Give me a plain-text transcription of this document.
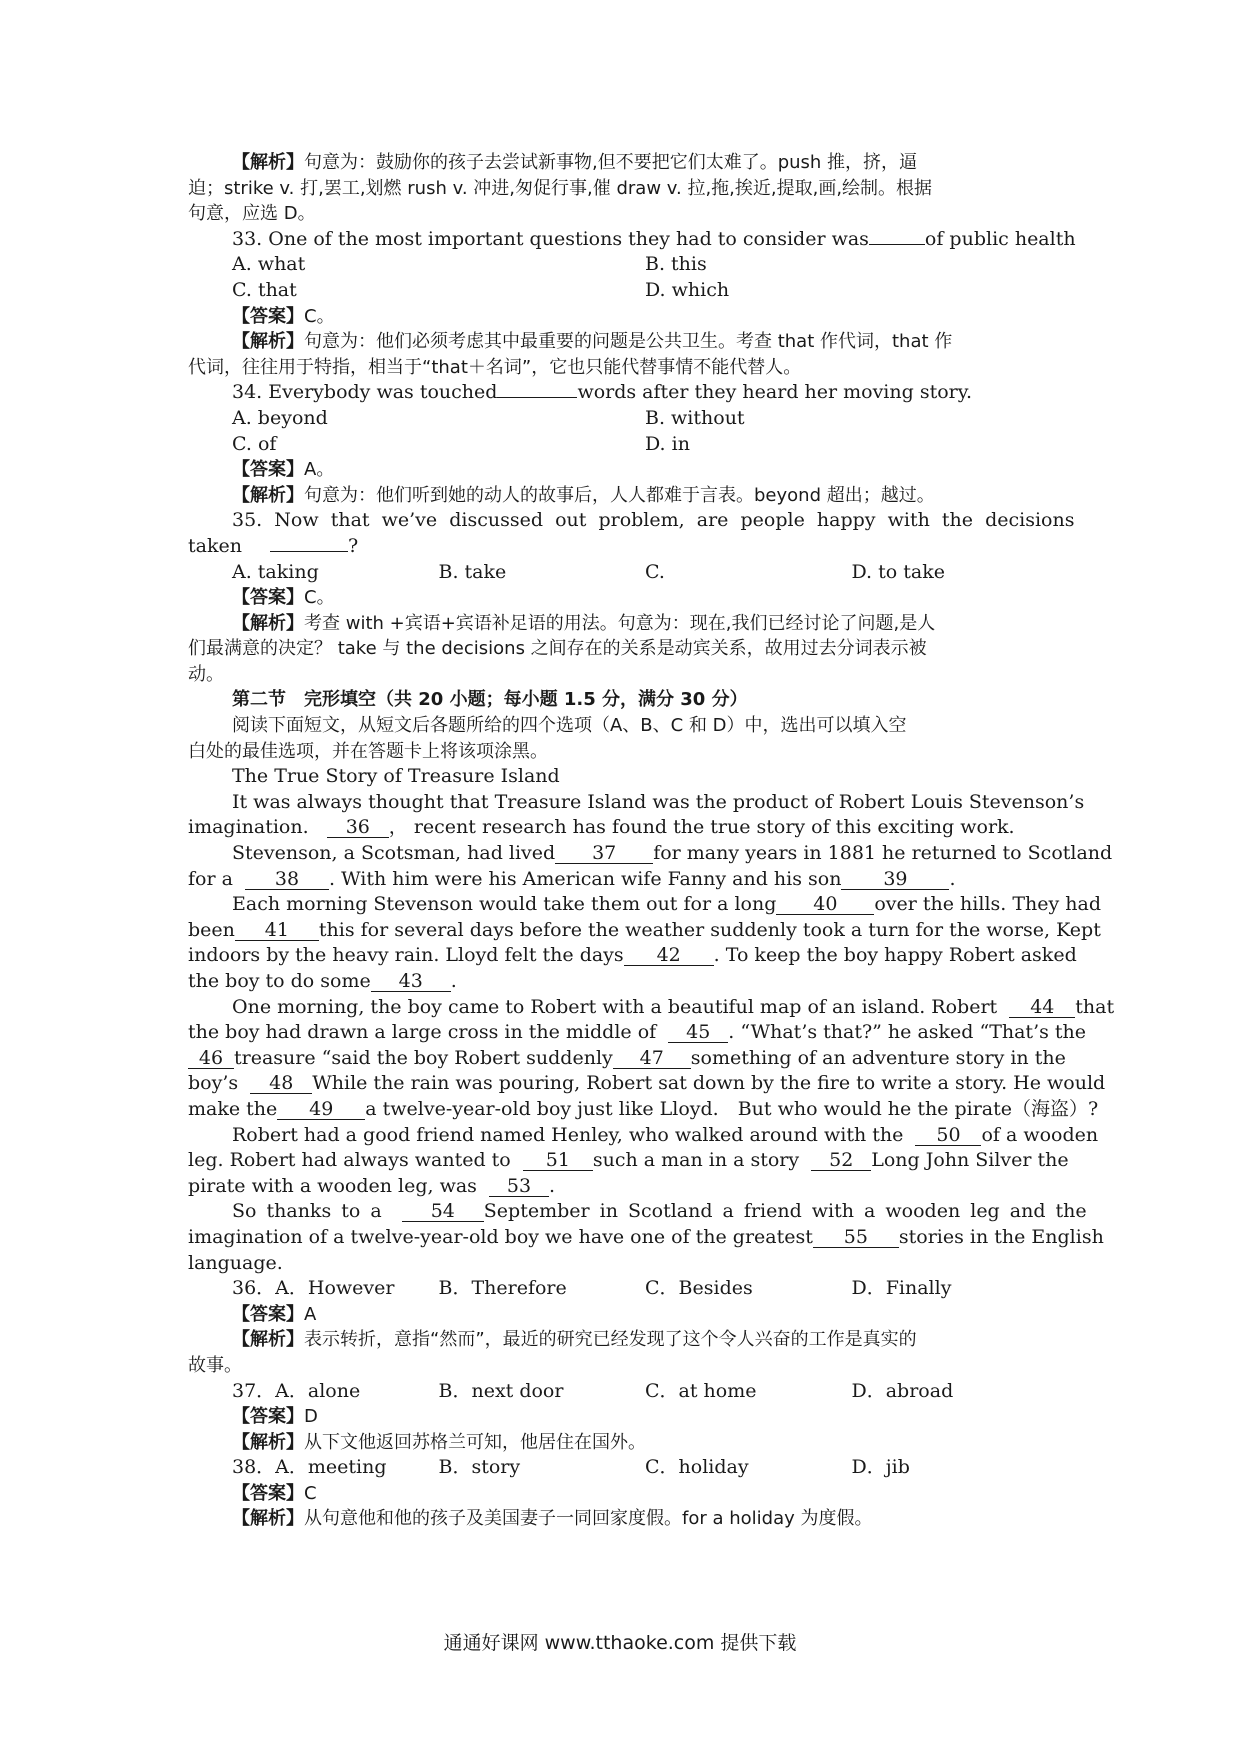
【解析】句意为：鼓励你的孩子去尝试新事物,但不要把它们太难了。push 推，挤，逼
迫；strike v. 打,罢工,划燃 rush v. 冲进,匆促行事,催 draw v. 拉,拖,挨近,提取,画,绘制。根据
句意，应选 D。
33. One of the most important questions they had to consider was	of public health
A. what	B. this
C. that	D. which
【答案】C。
【解析】句意为：他们必须考虑其中最重要的问题是公共卫生。考查 that 作代词，that 作
代词，往往用于特指，相当于“that＋名词”，它也只能代替事情不能代替人。
34. Everybody was touched	words after they heard her moving story.
A. beyond	B. without
C. of	D. in
【答案】A。
【解析】句意为：他们听到她的动人的故事后，人人都难于言表。beyond 超出；越过。
35.  Now  that  we’ve  discussed  out  problem,  are  people  happy  with  the  decisions
taken	?
A. taking	B. take	C.	D. to take
【答案】C。
【解析】考查 with +宾语+宾语补足语的用法。句意为：现在,我们已经讨论了问题,是人
们最满意的决定？ take 与 the decisions 之间存在的关系是动宾关系，故用过去分词表示被
动。
第二节　完形填空（共 20 小题；每小题 1.5 分，满分 30 分）
阅读下面短文，从短文后各题所给的四个选项（A、B、C 和 D）中，选出可以填入空
白处的最佳选项，并在答题卡上将该项涂黑。
The True Story of Treasure Island
It was always thought that Treasure Island was the product of Robert Louis Stevenson’s
imagination. 36 ， recent research has found the true story of this exciting work.
Stevenson, a Scotsman, had lived 37 for many years in 1881 he returned to Scotland
for a 38 . With him were his American wife Fanny and his son 39 .
Each morning Stevenson would take them out for a long 40 over the hills. They had
been 41 this for several days before the weather suddenly took a turn for the worse, Kept
indoors by the heavy rain. Lloyd felt the days 42 . To keep the boy happy Robert asked
the boy to do some 43 .
One morning, the boy came to Robert with a beautiful map of an island. Robert 44 that
the boy had drawn a large cross in the middle of 45 . “What’s that?” he asked “That’s the
46 treasure “said the boy Robert suddenly 47 something of an adventure story in the
boy’s 48 While the rain was pouring, Robert sat down by the fire to write a story. He would
make the 49 a twelve-year-old boy just like Lloyd.　But who would he the pirate（海盗）?
Robert had a good friend named Henley, who walked around with the 50 of a wooden
leg. Robert had always wanted to 51 such a man in a story 52 Long John Silver the
pirate with a wooden leg, was 53 .
So thanks to a	54 September in Scotland a friend with a wooden leg and the
imagination of a twelve-year-old boy we have one of the greatest 55 stories in the English
language.
36．A．However	B．Therefore	C．Besides	D．Finally
【答案】A
【解析】表示转折，意指“然而”，最近的研究已经发现了这个令人兴奋的工作是真实的
故事。
37．A．alone	B．next door	C．at home	D．abroad
【答案】D
【解析】从下文他返回苏格兰可知，他居住在国外。
38．A．meeting	B．story	C．holiday	D．jib
【答案】C
【解析】从句意他和他的孩子及美国妻子一同回家度假。for a holiday 为度假。
通通好课网 www.tthaoke.com 提供下载
